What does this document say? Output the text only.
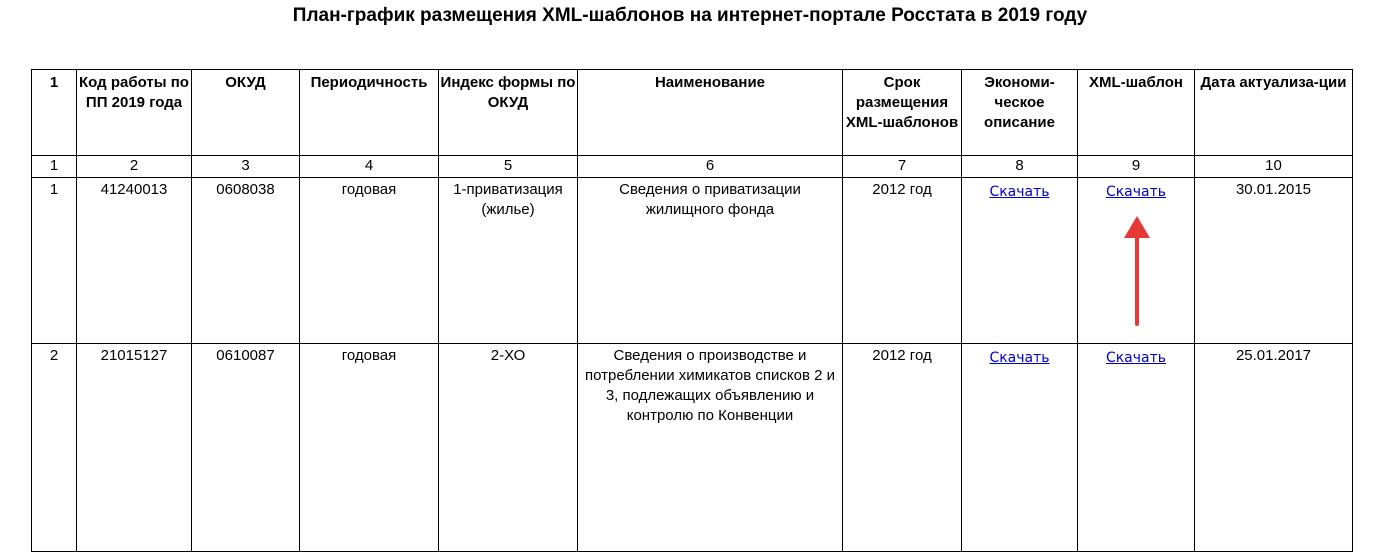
План-график размещения XML-шаблонов на интернет-портале Росстата в 2019 году
1	Код работы по ПП 2019 года	ОКУД	Периодичность	Индекс формы по ОКУД	Наименование	Срок размещения XML-шаблонов	Экономи-ческое описание	XML-шаблон	Дата актуализа-ции
1	2	3	4	5	6	7	8	9	10
1	41240013	0608038	годовая	1-приватизация (жилье)	Сведения о приватизации жилищного фонда	2012 год	Скачать	Скачать	30.01.2015
2	21015127	0610087	годовая	2-ХО	Сведения о производстве и потреблении химикатов списков 2 и 3, подлежащих объявлению и контролю по Конвенции	2012 год	Скачать	Скачать	25.01.2017
